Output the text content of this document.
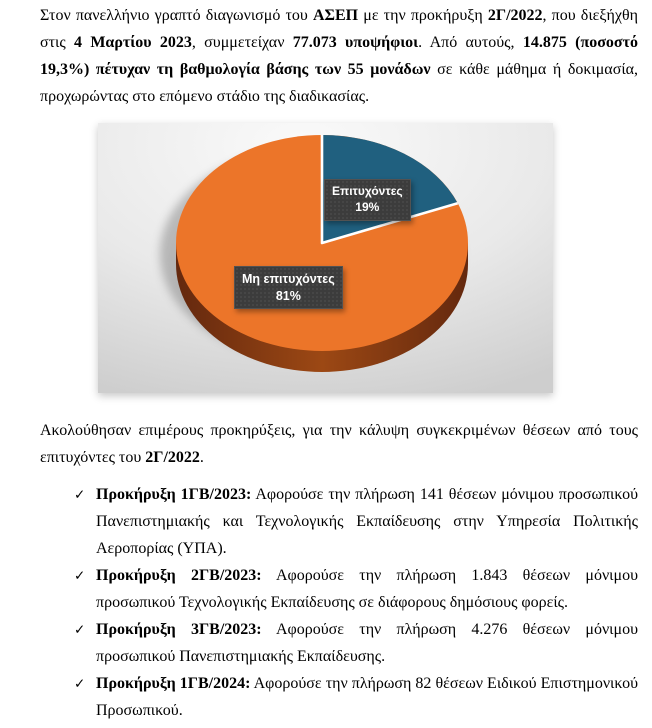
Στον πανελλήνιο γραπτό διαγωνισμό του ΑΣΕΠ με την προκήρυξη 2Γ/2022, που διεξήχθη στις 4 Μαρτίου 2023, συμμετείχαν 77.073 υποψήφιοι. Από αυτούς, 14.875 (ποσοστό 19,3%) πέτυχαν τη βαθμολογία βάσης των 55 μονάδων σε κάθε μάθημα ή δοκιμασία, προχωρώντας στο επόμενο στάδιο της διαδικασίας.

Επιτυχόντες
19%
Μη επιτυχόντες
81%

Ακολούθησαν επιμέρους προκηρύξεις, για την κάλυψη συγκεκριμένων θέσεων από τους επιτυχόντες του 2Γ/2022.

✓ Προκήρυξη 1ΓΒ/2023: Αφορούσε την πλήρωση 141 θέσεων μόνιμου προσωπικού Πανεπιστημιακής και Τεχνολογικής Εκπαίδευσης στην Υπηρεσία Πολιτικής Αεροπορίας (ΥΠΑ).
✓ Προκήρυξη 2ΓΒ/2023: Αφορούσε την πλήρωση 1.843 θέσεων μόνιμου προσωπικού Τεχνολογικής Εκπαίδευσης σε διάφορους δημόσιους φορείς.
✓ Προκήρυξη 3ΓΒ/2023: Αφορούσε την πλήρωση 4.276 θέσεων μόνιμου προσωπικού Πανεπιστημιακής Εκπαίδευσης.
✓ Προκήρυξη 1ΓΒ/2024: Αφορούσε την πλήρωση 82 θέσεων Ειδικού Επιστημονικού Προσωπικού.
